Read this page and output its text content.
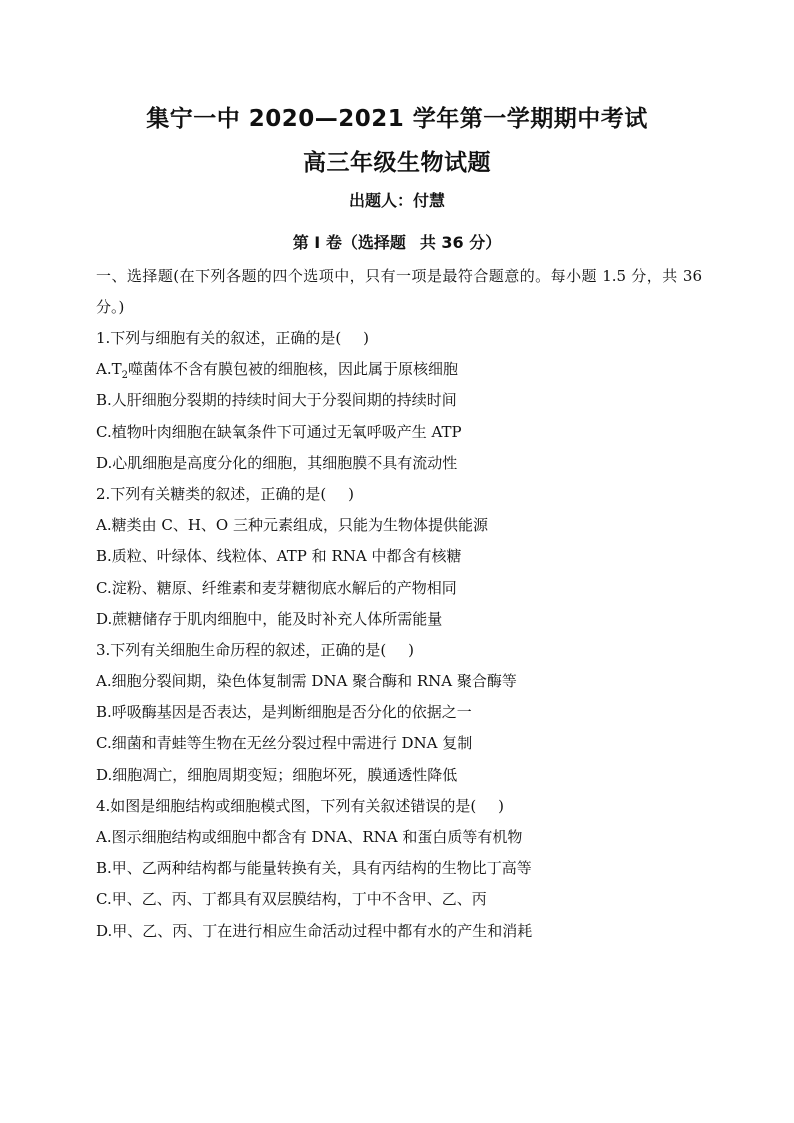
集宁一中 2020—2021 学年第一学期期中考试
高三年级生物试题
出题人：付慧
第 Ⅰ 卷（选择题 共 36 分）
一、选择题(在下列各题的四个选项中，只有一项是最符合题意的。每小题 1.5 分，共 36 分。)
1.下列与细胞有关的叙述，正确的是( )
$A.T_2$噬菌体不含有膜包被的细胞核，因此属于原核细胞
B.人肝细胞分裂期的持续时间大于分裂间期的持续时间
C.植物叶肉细胞在缺氧条件下可通过无氧呼吸产生 ATP
D.心肌细胞是高度分化的细胞，其细胞膜不具有流动性
2.下列有关糖类的叙述，正确的是( )
A.糖类由 C、H、O 三种元素组成，只能为生物体提供能源
B.质粒、叶绿体、线粒体、ATP 和 RNA 中都含有核糖
C.淀粉、糖原、纤维素和麦芽糖彻底水解后的产物相同
D.蔗糖储存于肌肉细胞中，能及时补充人体所需能量
3.下列有关细胞生命历程的叙述，正确的是( )
A.细胞分裂间期，染色体复制需 DNA 聚合酶和 RNA 聚合酶等
B.呼吸酶基因是否表达，是判断细胞是否分化的依据之一
C.细菌和青蛙等生物在无丝分裂过程中需进行 DNA 复制
D.细胞凋亡，细胞周期变短；细胞坏死，膜通透性降低
4.如图是细胞结构或细胞模式图，下列有关叙述错误的是( )
A.图示细胞结构或细胞中都含有 DNA、RNA 和蛋白质等有机物
B.甲、乙两种结构都与能量转换有关，具有丙结构的生物比丁高等
C.甲、乙、丙、丁都具有双层膜结构，丁中不含甲、乙、丙
D.甲、乙、丙、丁在进行相应生命活动过程中都有水的产生和消耗
